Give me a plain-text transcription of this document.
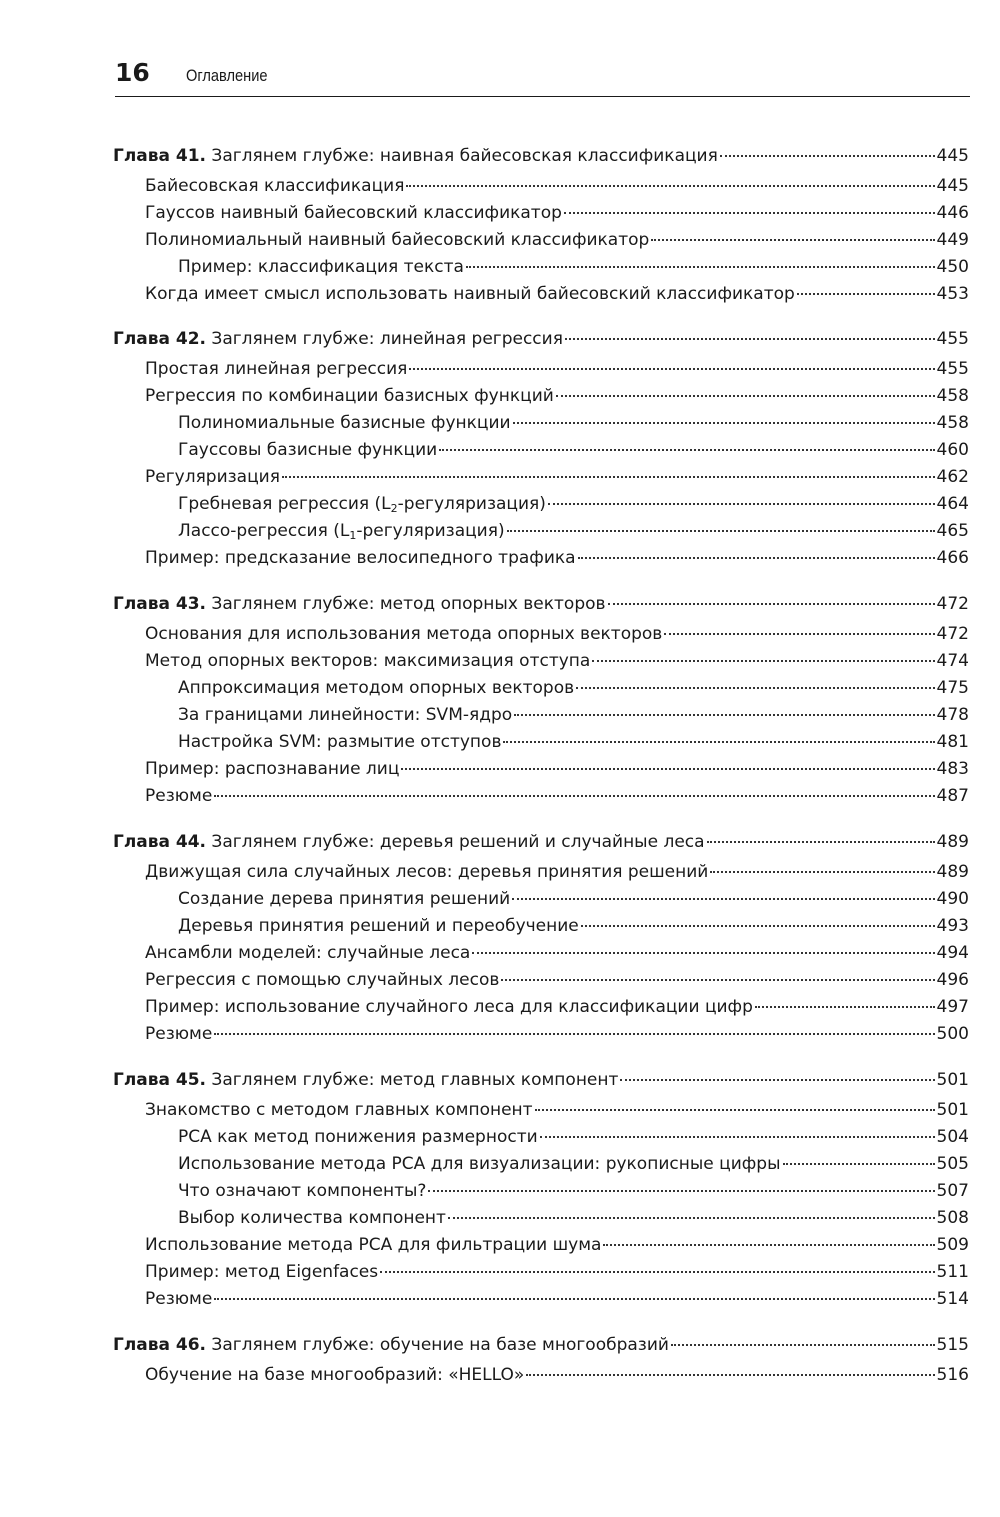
16 Оглавление
Глава 41. Заглянем глубже: наивная байесовская классификация	445
Байесовская классификация	445
Гауссов наивный байесовский классификатор	446
Полиномиальный наивный байесовский классификатор	449
Пример: классификация текста	450
Когда имеет смысл использовать наивный байесовский классификатор	453
Глава 42. Заглянем глубже: линейная регрессия	455
Простая линейная регрессия	455
Регрессия по комбинации базисных функций	458
Полиномиальные базисные функции	458
Гауссовы базисные функции	460
Регуляризация	462
Гребневая регрессия $(L_2-регуляризация)$	464
Лассо-регрессия $(L_1-регуляризация)$	465
Пример: предсказание велосипедного трафика	466
Глава 43. Заглянем глубже: метод опорных векторов	472
Основания для использования метода опорных векторов	472
Метод опорных векторов: максимизация отступа	474
Аппроксимация методом опорных векторов	475
За границами линейности: SVM-ядро	478
Настройка SVM: размытие отступов	481
Пример: распознавание лиц	483
Резюме	487
Глава 44. Заглянем глубже: деревья решений и случайные леса	489
Движущая сила случайных лесов: деревья принятия решений	489
Создание дерева принятия решений	490
Деревья принятия решений и переобучение	493
Ансамбли моделей: случайные леса	494
Регрессия с помощью случайных лесов	496
Пример: использование случайного леса для классификации цифр	497
Резюме	500
Глава 45. Заглянем глубже: метод главных компонент	501
Знакомство с методом главных компонент	501
PCA как метод понижения размерности	504
Использование метода PCA для визуализации: рукописные цифры	505
Что означают компоненты?	507
Выбор количества компонент	508
Использование метода PCA для фильтрации шума	509
Пример: метод Eigenfaces	511
Резюме	514
Глава 46. Заглянем глубже: обучение на базе многообразий	515
Обучение на базе многообразий: «HELLO»	516
